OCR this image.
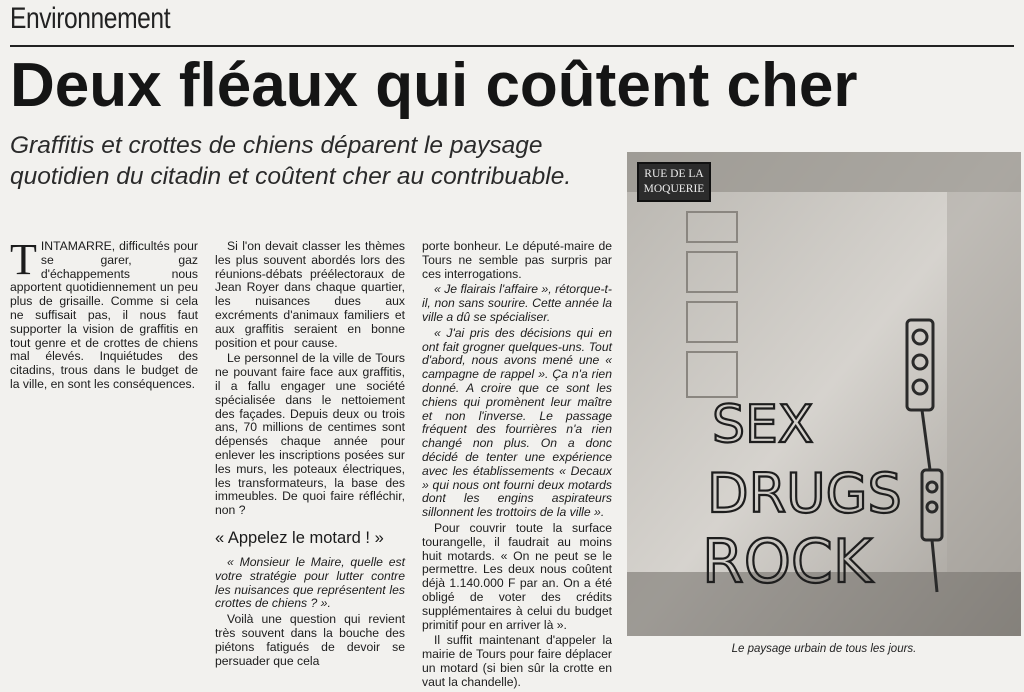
Environnement
Deux fléaux qui coûtent cher
Graffitis et crottes de chiens déparent le paysage quotidien du citadin et coûtent cher au contribuable.

TINTAMARRE, difficultés pour se garer, gaz d'échappements nous apportent quotidiennement un peu plus de grisaille. Comme si cela ne suffisait pas, il nous faut supporter la vision de graffitis en tout genre et de crottes de chiens mal élevés. Inquiétudes des citadins, trous dans le budget de la ville, en sont les conséquences.

Si l'on devait classer les thèmes les plus souvent abordés lors des réunions-débats préélectoraux de Jean Royer dans chaque quartier, les nuisances dues aux excréments d'animaux familiers et aux graffitis seraient en bonne position et pour cause.

Le personnel de la ville de Tours ne pouvant faire face aux graffitis, il a fallu engager une société spécialisée dans le nettoiement des façades. Depuis deux ou trois ans, 70 millions de centimes sont dépensés chaque année pour enlever les inscriptions posées sur les murs, les poteaux électriques, les transformateurs, la base des immeubles. De quoi faire réfléchir, non ?

« Appelez le motard ! »

« Monsieur le Maire, quelle est votre stratégie pour lutter contre les nuisances que représentent les crottes de chiens ? ».

Voilà une question qui revient très souvent dans la bouche des piétons fatigués de devoir se persuader que cela

porte bonheur. Le député-maire de Tours ne semble pas surpris par ces interrogations.

« Je flairais l'affaire », rétorque-t-il, non sans sourire. Cette année la ville a dû se spécialiser.

« J'ai pris des décisions qui en ont fait grogner quelques-uns. Tout d'abord, nous avons mené une « campagne de rappel ». Ça n'a rien donné. A croire que ce sont les chiens qui promènent leur maître et non l'inverse. Le passage fréquent des fourrières n'a rien changé non plus. On a donc décidé de tenter une expérience avec les établissements « Decaux » qui nous ont fourni deux motards dont les engins aspirateurs sillonnent les trottoirs de la ville ».

Pour couvrir toute la surface tourangelle, il faudrait au moins huit motards. « On ne peut se le permettre. Les deux nous coûtent déjà 1.140.000 F par an. On a été obligé de voter des crédits supplémentaires à celui du budget primitif pour en arriver là ».

Il suffit maintenant d'appeler la mairie de Tours pour faire déplacer un motard (si bien sûr la crotte en vaut la chandelle).

SEX
DRUGS
ROCK
RUE DE LA
MOQUERIE
Le paysage urbain de tous les jours.
